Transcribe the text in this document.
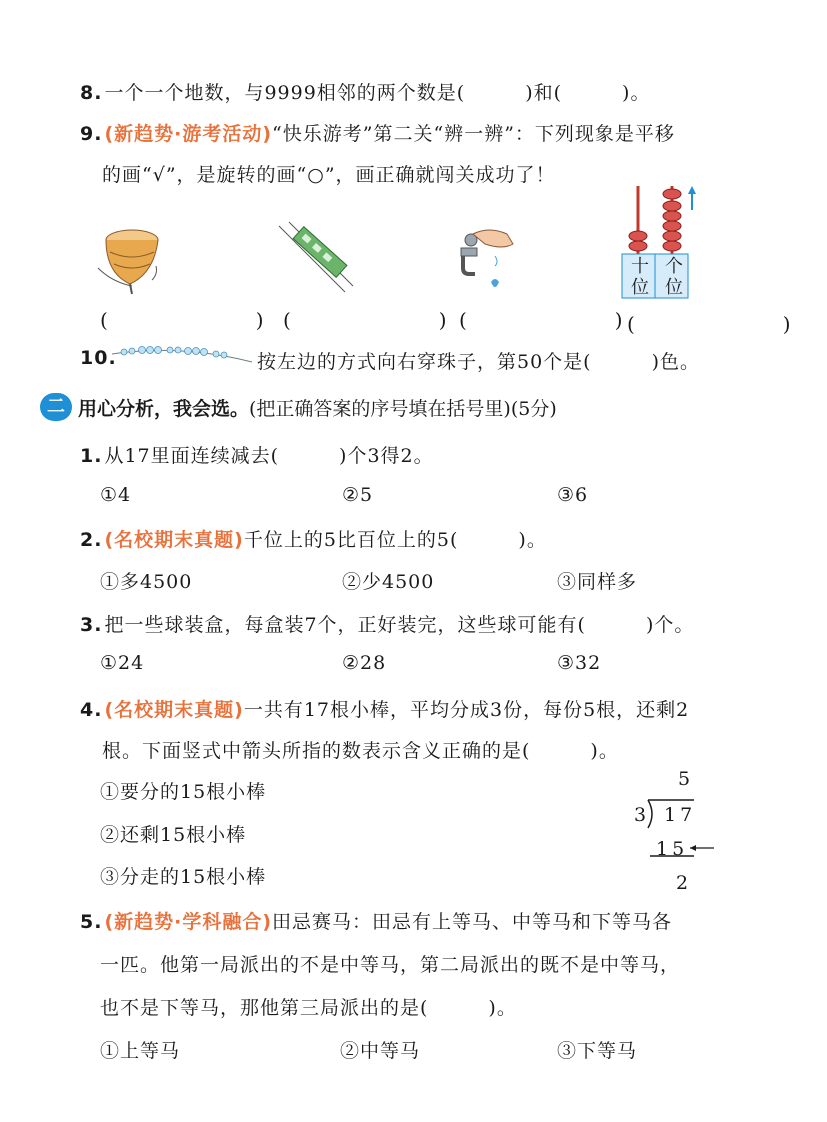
8. 一个一个地数，与9999相邻的两个数是(　　　)和(　　　)。
9. (新趋势·游考活动)“快乐游考”第二关“辨一辨”：下列现象是平移
的画“√”，是旋转的画“○”，画正确就闯关成功了！
十位
个位
(　　)
(　　)
(　　)
(　　)
10.	按左边的方式向右穿珠子，第50个是(　　　)色。
二 用心分析，我会选。(把正确答案的序号填在括号里)(5分)
1. 从17里面连续减去(　　　)个3得2。
①4	②5	③6
2. (名校期末真题)千位上的5比百位上的5(　　　)。
①多4500	②少4500	③同样多
3. 把一些球装盒，每盒装7个，正好装完，这些球可能有(　　　)个。
①24	②28	③32
4. (名校期末真题)一共有17根小棒，平均分成3份，每份5根，还剩2
根。下面竖式中箭头所指的数表示含义正确的是(　　　)。
①要分的15根小棒
②还剩15根小棒
③分走的15根小棒
5
3 17
15
2
5. (新趋势·学科融合)田忌赛马：田忌有上等马、中等马和下等马各
一匹。他第一局派出的不是中等马，第二局派出的既不是中等马，
也不是下等马，那他第三局派出的是(　　　)。
①上等马	②中等马	③下等马
